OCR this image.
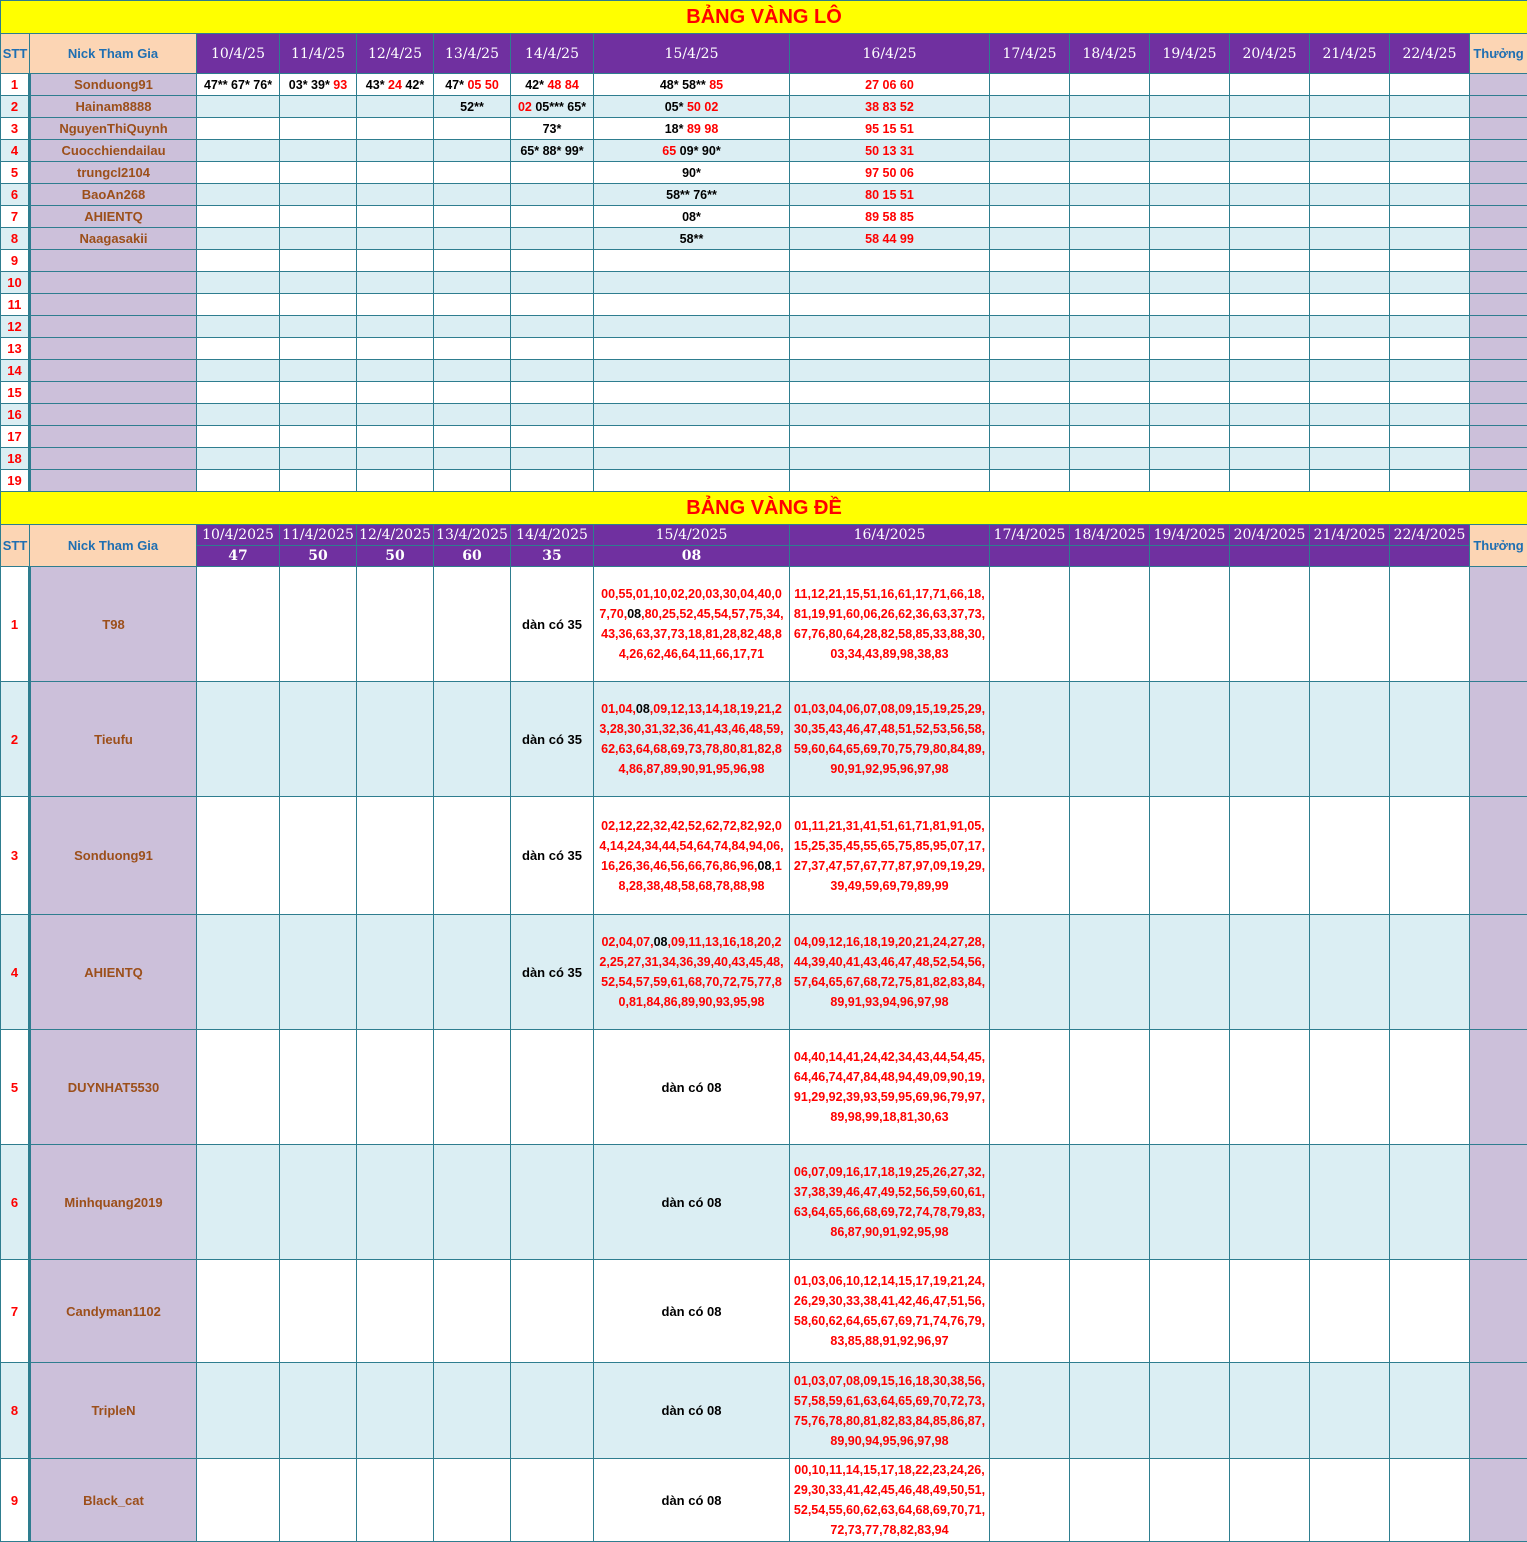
BẢNG VÀNG LÔ															
STT	Nick Tham Gia	10/4/25	11/4/25	12/4/25	13/4/25	14/4/25	15/4/25	16/4/25	17/4/25	18/4/25	19/4/25	20/4/25	21/4/25	22/4/25	Thưởng
1	Sonduong91	47** 67* 76*	03* 39* 93	43* 24 42*	47* 05 50	42* 48 84	48* 58** 85	27 06 60							
2	Hainam8888				52**	02 05*** 65*	05* 50 02	38 83 52							
3	NguyenThiQuynh					73*	18* 89 98	95 15 51							
4	Cuocchiendailau					65* 88* 99*	65 09* 90*	50 13 31							
5	trungcl2104						90*	97 50 06							
6	BaoAn268						58** 76**	80 15 51							
7	AHIENTQ						08*	89 58 85							
8	Naagasakii						58**	58 44 99							
9															
10															
11															
12															
13															
14															
15															
16															
17															
18															
19															
BẢNG VÀNG ĐỀ															
STT	Nick Tham Gia	10/4/2025	11/4/2025	12/4/2025	13/4/2025	14/4/2025	15/4/2025	16/4/2025	17/4/2025	18/4/2025	19/4/2025	20/4/2025	21/4/2025	22/4/2025	Thưởng
		47	50	50	60	35	08								
1	T98					dàn có 35	00,55,01,10,02,20,03,30,04,40,07,70,08,80,25,52,45,54,57,75,34,43,36,63,37,73,18,81,28,82,48,84,26,62,46,64,11,66,17,71	11,12,21,15,51,16,61,17,71,66,18,81,19,91,60,06,26,62,36,63,37,73,67,76,80,64,28,82,58,85,33,88,30,03,34,43,89,98,38,83							
2	Tieufu					dàn có 35	01,04,08,09,12,13,14,18,19,21,23,28,30,31,32,36,41,43,46,48,59,62,63,64,68,69,73,78,80,81,82,84,86,87,89,90,91,95,96,98	01,03,04,06,07,08,09,15,19,25,29,30,35,43,46,47,48,51,52,53,56,58,59,60,64,65,69,70,75,79,80,84,89,90,91,92,95,96,97,98							
3	Sonduong91					dàn có 35	02,12,22,32,42,52,62,72,82,92,04,14,24,34,44,54,64,74,84,94,06,16,26,36,46,56,66,76,86,96,08,18,28,38,48,58,68,78,88,98	01,11,21,31,41,51,61,71,81,91,05,15,25,35,45,55,65,75,85,95,07,17,27,37,47,57,67,77,87,97,09,19,29,39,49,59,69,79,89,99							
4	AHIENTQ					dàn có 35	02,04,07,08,09,11,13,16,18,20,22,25,27,31,34,36,39,40,43,45,48,52,54,57,59,61,68,70,72,75,77,80,81,84,86,89,90,93,95,98	04,09,12,16,18,19,20,21,24,27,28,44,39,40,41,43,46,47,48,52,54,56,57,64,65,67,68,72,75,81,82,83,84,89,91,93,94,96,97,98							
5	DUYNHAT5530						dàn có 08	04,40,14,41,24,42,34,43,44,54,45,64,46,74,47,84,48,94,49,09,90,19,91,29,92,39,93,59,95,69,96,79,97,89,98,99,18,81,30,63							
6	Minhquang2019						dàn có 08	06,07,09,16,17,18,19,25,26,27,32,37,38,39,46,47,49,52,56,59,60,61,63,64,65,66,68,69,72,74,78,79,83,86,87,90,91,92,95,98							
7	Candyman1102						dàn có 08	01,03,06,10,12,14,15,17,19,21,24,26,29,30,33,38,41,42,46,47,51,56,58,60,62,64,65,67,69,71,74,76,79,83,85,88,91,92,96,97							
8	TripleN						dàn có 08	01,03,07,08,09,15,16,18,30,38,56,57,58,59,61,63,64,65,69,70,72,73,75,76,78,80,81,82,83,84,85,86,87,89,90,94,95,96,97,98							
9	Black_cat						dàn có 08	00,10,11,14,15,17,18,22,23,24,26,29,30,33,41,42,45,46,48,49,50,51,52,54,55,60,62,63,64,68,69,70,71,72,73,77,78,82,83,94							
